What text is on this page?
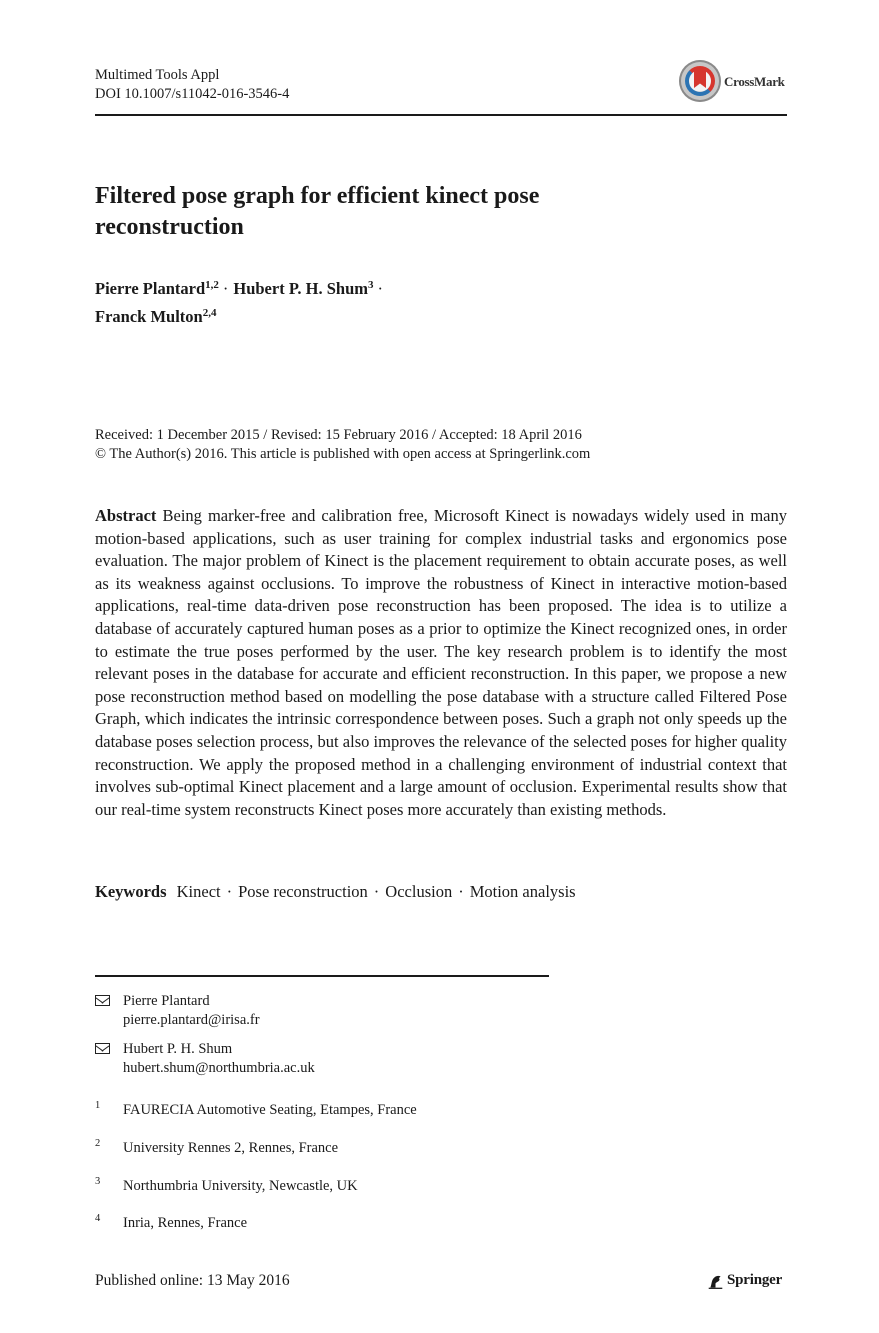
Multimed Tools Appl
DOI 10.1007/s11042-016-3546-4
CrossMark
Filtered pose graph for efficient kinect pose reconstruction
Pierre Plantard$^{1,2}$ · Hubert P. H. Shum$^3$ ·
Franck Multon$^{2,4}$
Received: 1 December 2015 / Revised: 15 February 2016 / Accepted: 18 April 2016
© The Author(s) 2016. This article is published with open access at Springerlink.com
Abstract Being marker-free and calibration free, Microsoft Kinect is nowadays widely used in many motion-based applications, such as user training for complex industrial tasks and ergonomics pose evaluation. The major problem of Kinect is the placement requirement to obtain accurate poses, as well as its weakness against occlusions. To improve the robustness of Kinect in interactive motion-based applications, real-time data-driven pose reconstruction has been proposed. The idea is to utilize a database of accurately captured human poses as a prior to optimize the Kinect recognized ones, in order to estimate the true poses performed by the user. The key research problem is to identify the most relevant poses in the database for accurate and efficient reconstruction. In this paper, we propose a new pose reconstruction method based on modelling the pose database with a structure called Filtered Pose Graph, which indicates the intrinsic correspondence between poses. Such a graph not only speeds up the database poses selection process, but also improves the relevance of the selected poses for higher quality reconstruction. We apply the proposed method in a challenging environment of industrial context that involves sub-optimal Kinect placement and a large amount of occlusion. Experimental results show that our real-time system reconstructs Kinect poses more accurately than existing methods.
Keywords Kinect · Pose reconstruction · Occlusion · Motion analysis
Pierre Plantard
pierre.plantard@irisa.fr
Hubert P. H. Shum
hubert.shum@northumbria.ac.uk
1 FAURECIA Automotive Seating, Etampes, France
2 University Rennes 2, Rennes, France
3 Northumbria University, Newcastle, UK
4 Inria, Rennes, France
Published online: 13 May 2016	Springer
